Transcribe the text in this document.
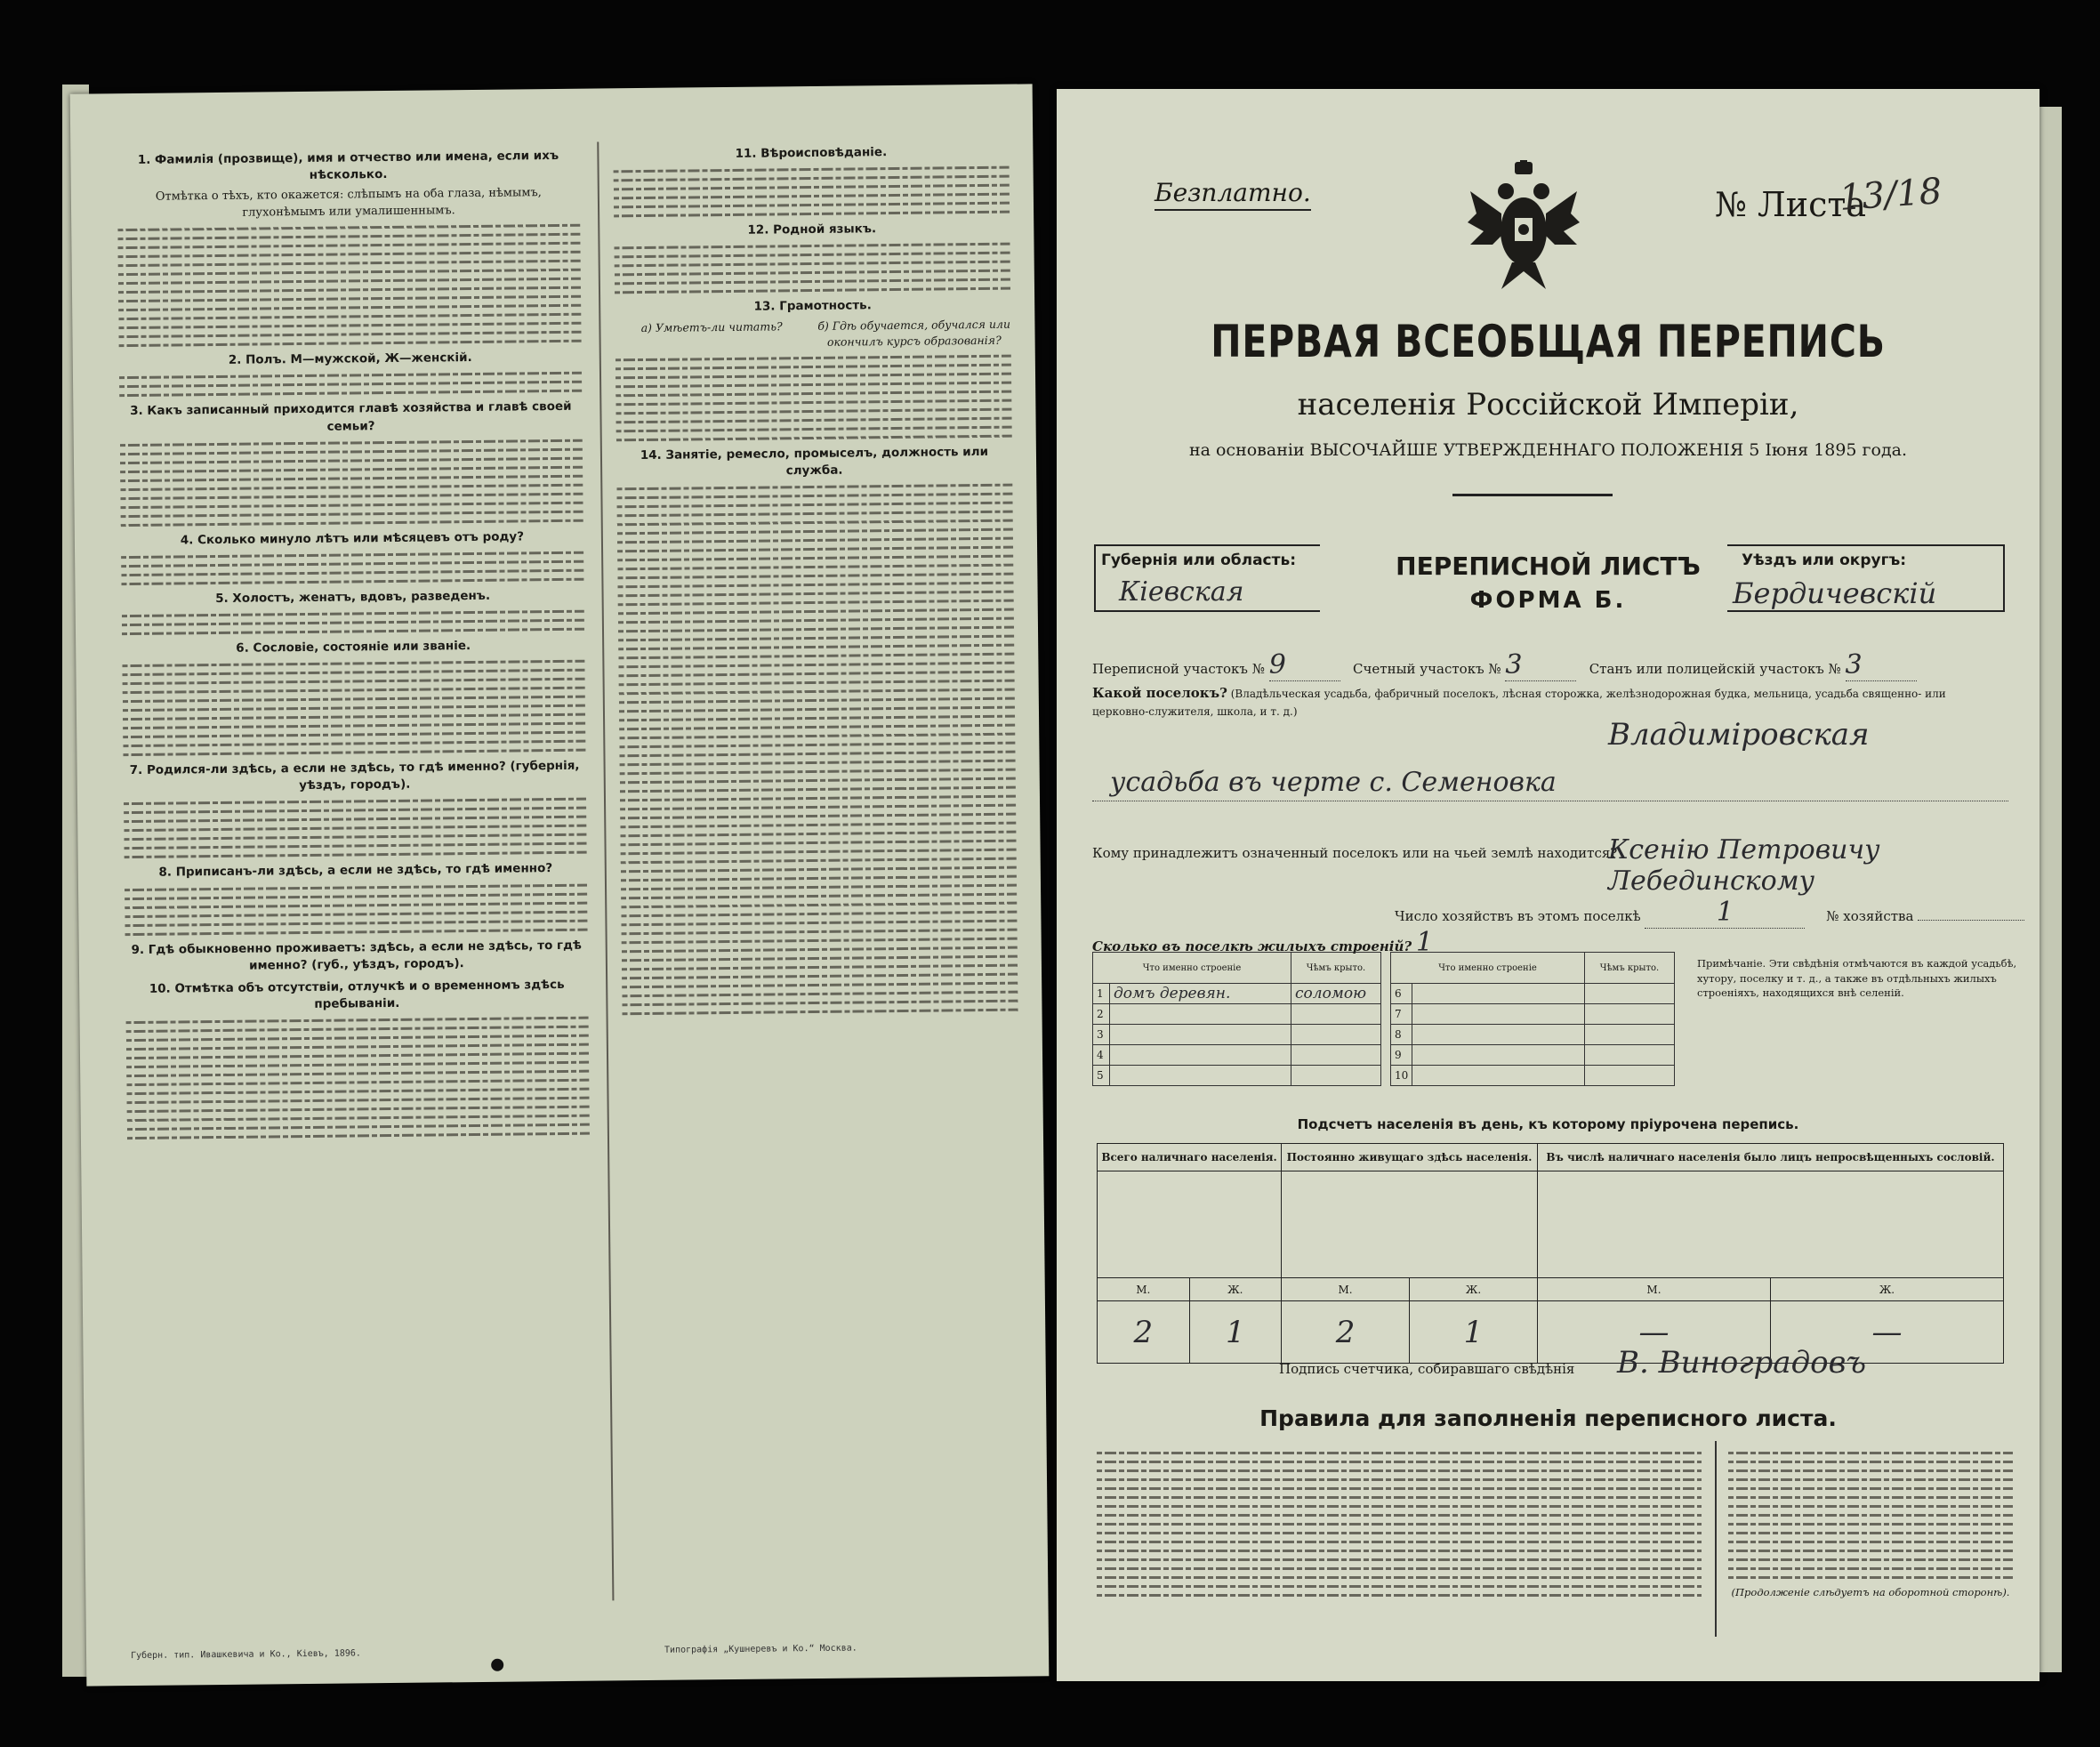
1. Фамилія (прозвище), имя и отчество или имена, если ихъ нѣсколько.
Отмѣтка о тѣхъ, кто окажется: слѣпымъ на оба глаза, нѣмымъ, глухонѣмымъ или умалишеннымъ.
2. Полъ. М—мужской, Ж—женскій.
3. Какъ записанный приходится главѣ хозяйства и главѣ своей семьи?
4. Сколько минуло лѣтъ или мѣсяцевъ отъ роду?
5. Холостъ, женатъ, вдовъ, разведенъ.
6. Сословіе, состояніе или званіе.
7. Родился-ли здѣсь, а если не здѣсь, то гдѣ именно? (губернія, уѣздъ, городъ).
8. Приписанъ-ли здѣсь, а если не здѣсь, то гдѣ именно?
9. Гдѣ обыкновенно проживаетъ: здѣсь, а если не здѣсь, то гдѣ именно? (губ., уѣздъ, городъ).
10. Отмѣтка объ отсутствіи, отлучкѣ и о временномъ здѣсь пребываніи.
11. Вѣроисповѣданіе.
12. Родной языкъ.
13. Грамотность.
а) Умѣетъ-ли читать?	б) Гдѣ обучается, обучался или окончилъ курсъ образованія?
14. Занятіе, ремесло, промыселъ, должность или служба.
Губерн. тип. Ивашкевича и Ко., Кiевъ, 1896.	Типографія „Кушнеревъ и Ко.“ Москва.
Безплатно.	№ Листа
13/18
ПЕРВАЯ ВСЕОБЩАЯ ПЕРЕПИСЬ
населенія Россійской Имперіи,
на основаніи ВЫСОЧАЙШЕ УТВЕРЖДЕННАГО ПОЛОЖЕНІЯ 5 Іюня 1895 года.
Губернія или область:
Кіевская
ПЕРЕПИСНОЙ ЛИСТЪ
ФОРМА Б.
Уѣздъ или округъ:
Бердичевскій
Переписной участокъ № 9	Счетный участокъ № 3	Станъ или полицейскій участокъ № 3
Какой поселокъ? (Владѣльческая усадьба, фабричный поселокъ, лѣсная сторожка, желѣзнодорожная будка, мельница, усадьба священно- или церковно-служителя, школа, и т. д.)
Владиміровская
усадьба въ черте с. Семеновка
Кому принадлежитъ означенный поселокъ или на чьей землѣ находится?
Ксенію Петровичу Лебединскому
Число хозяйствъ въ этомъ поселкѣ	1	№ хозяйства
Сколько въ поселкѣ жилыхъ строеній? 1
Что именно строеніе		Чѣмъ крыто.
1	домъ деревян.	соломою
2		
3		
4		
5		
Что именно строеніе		Чѣмъ крыто.
6		
7		
8		
9		
10		
Примѣчаніе. Эти свѣдѣнія отмѣчаются въ каждой усадьбѣ, хутору, поселку и т. д., а также въ отдѣльныхъ жилыхъ строеніяхъ, находящихся внѣ селеній.
Подсчетъ населенія въ день, къ которому пріурочена перепись.
Всего наличнаго населенія.		Постоянно живущаго здѣсь населенія.		Въ числѣ наличнаго населенія было лицъ непросвѣщенныхъ сословій.	

М.	Ж.	М.	Ж.	М.	Ж.
2	1	2	1	—	—
Подпись счетчика, собиравшаго свѣдѣнія В. Виноградовъ
Правила для заполненія переписного листа.
(Продолженіе слѣдуетъ на оборотной сторонѣ).
